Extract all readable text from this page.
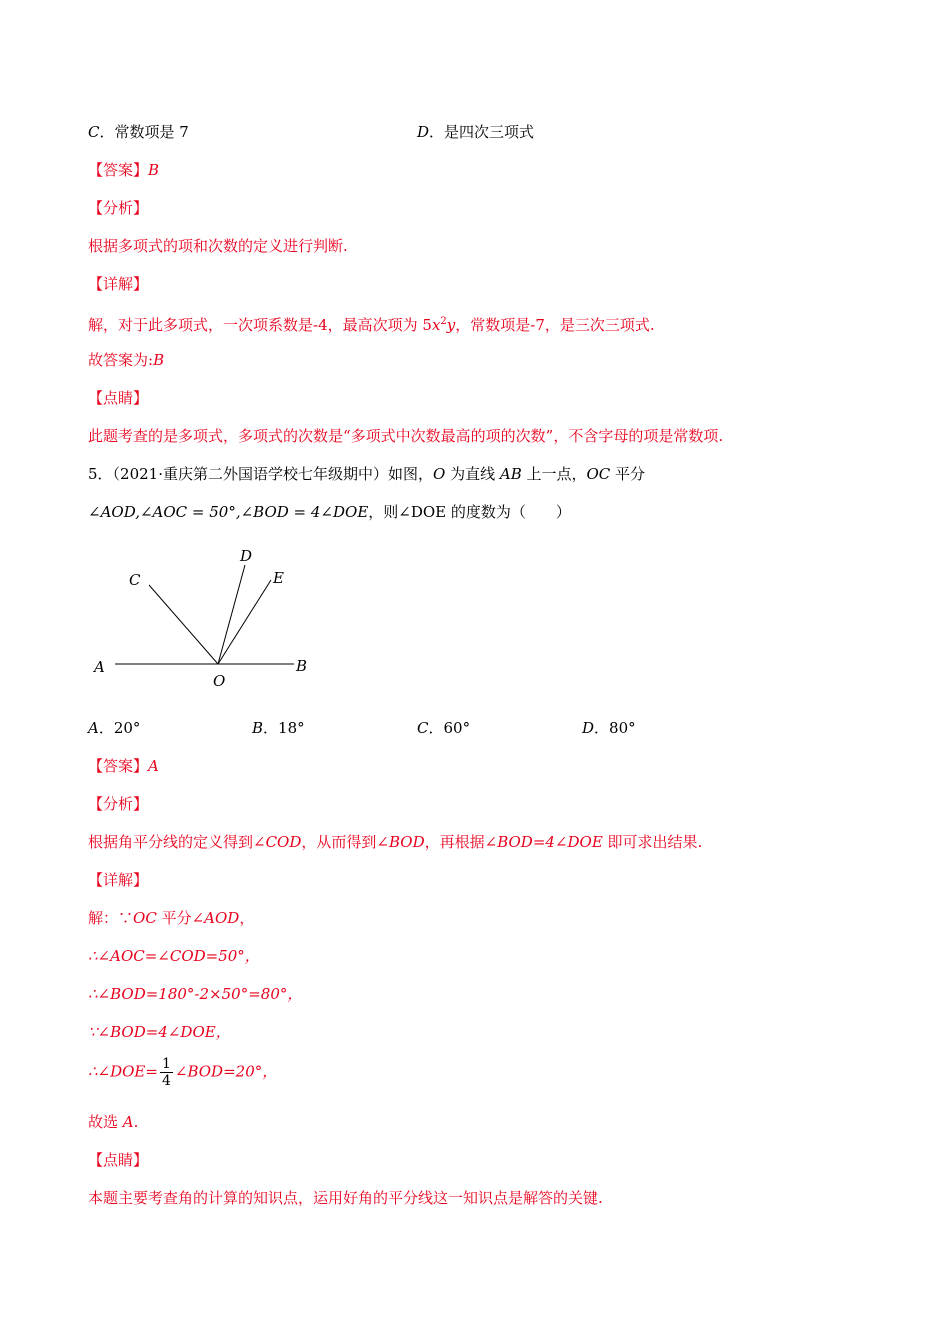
C．常数项是 7	D．是四次三项式
【答案】B
【分析】
根据多项式的项和次数的定义进行判断.
【详解】
解，对于此多项式，一次项系数是-4，最高次项为 $5x^2y$，常数项是-7，是三次三项式.
故答案为:B
【点睛】
此题考查的是多项式，多项式的次数是“多项式中次数最高的项的次数”，不含字母的项是常数项.
5．（2021·重庆第二外国语学校七年级期中）如图，O 为直线 AB 上一点，OC 平分
∠AOD,∠AOC = 50°,∠BOD = 4∠DOE，则∠DOE 的度数为（　　）
A	B
C
D
E
O
A．20°	B．18°	C．60°	D．80°
【答案】A
【分析】
根据角平分线的定义得到∠COD，从而得到∠BOD，再根据∠BOD=4∠DOE 即可求出结果.
【详解】
解：∵OC 平分∠AOD，
∴∠AOC=∠COD=50°，
∴∠BOD=180°-2×50°=80°，
∵∠BOD=4∠DOE，
∴∠DOE= $\frac{1}{4}$ ∠BOD=20°，
故选 A.
【点睛】
本题主要考查角的计算的知识点，运用好角的平分线这一知识点是解答的关键.
